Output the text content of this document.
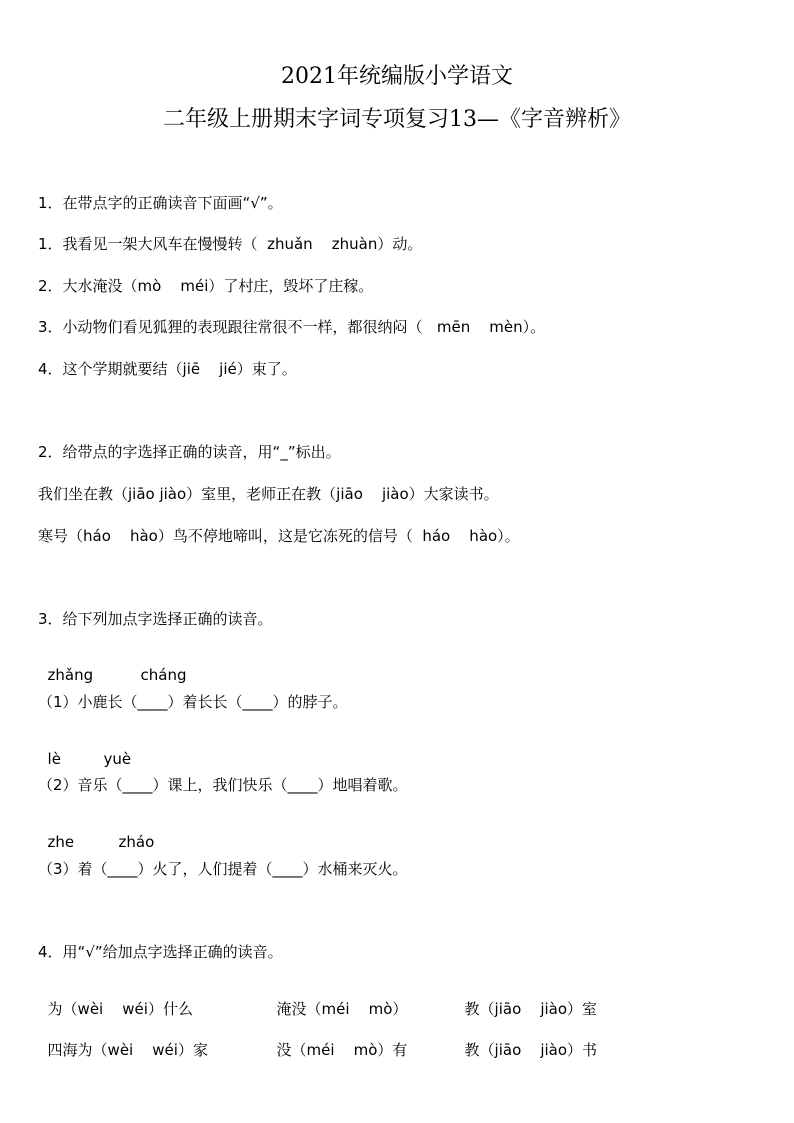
2021年统编版小学语文
二年级上册期末字词专项复习13—《字音辨析》
1．在带点字的正确读音下面画“√”。
1．我看见一架大风车在慢慢转（  zhuǎn    zhuàn）动。
2．大水淹没（mò    méi）了村庄，毁坏了庄稼。
3．小动物们看见狐狸的表现跟往常很不一样，都很纳闷（   mēn    mèn）。
4．这个学期就要结（jiē    jié）束了。
2．给带点的字选择正确的读音，用“_”标出。
我们坐在教（jiāo jiào）室里，老师正在教（jiāo    jiào）大家读书。
寒号（háo    hào）鸟不停地啼叫，这是它冻死的信号（  háo    hào）。
3．给下列加点字选择正确的读音。

zhǎng	cháng

（1）小鹿长（____）着长长（____）的脖子。

lè	yuè

（2）音乐（____）课上，我们快乐（____）地唱着歌。

zhe	zháo

（3）着（____）火了，人们提着（____）水桶来灭火。
4．用“√”给加点字选择正确的读音。

为（wèi    wéi）什么	淹没（méi    mò）	教（jiāo    jiào）室

四海为（wèi    wéi）家	没（méi    mò）有	教（jiāo    jiào）书
